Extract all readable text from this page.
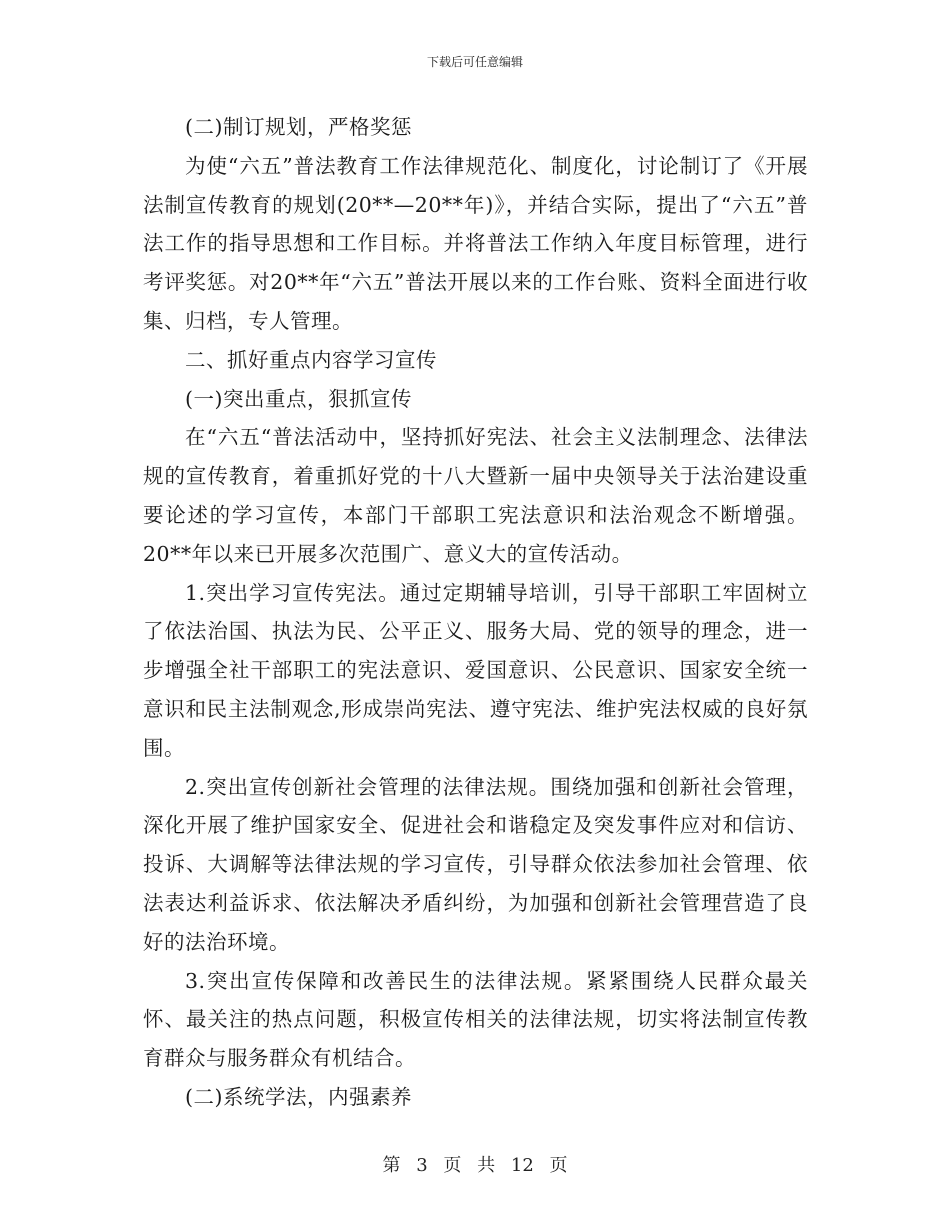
下载后可任意编辑

(二)制订规划，严格奖惩

为使“六五”普法教育工作法律规范化、制度化，讨论制订了《开展法制宣传教育的规划(20**—20**年)》，并结合实际，提出了“六五”普法工作的指导思想和工作目标。并将普法工作纳入年度目标管理，进行考评奖惩。对20**年“六五”普法开展以来的工作台账、资料全面进行收集、归档，专人管理。

二、抓好重点内容学习宣传

(一)突出重点，狠抓宣传

在“六五“普法活动中，坚持抓好宪法、社会主义法制理念、法律法规的宣传教育，着重抓好党的十八大暨新一届中央领导关于法治建设重要论述的学习宣传，本部门干部职工宪法意识和法治观念不断增强。20**年以来已开展多次范围广、意义大的宣传活动。

1.突出学习宣传宪法。通过定期辅导培训，引导干部职工牢固树立了依法治国、执法为民、公平正义、服务大局、党的领导的理念，进一步增强全社干部职工的宪法意识、爱国意识、公民意识、国家安全统一意识和民主法制观念,形成崇尚宪法、遵守宪法、维护宪法权威的良好氛围。

2.突出宣传创新社会管理的法律法规。围绕加强和创新社会管理，深化开展了维护国家安全、促进社会和谐稳定及突发事件应对和信访、投诉、大调解等法律法规的学习宣传，引导群众依法参加社会管理、依法表达利益诉求、依法解决矛盾纠纷，为加强和创新社会管理营造了良好的法治环境。

3.突出宣传保障和改善民生的法律法规。紧紧围绕人民群众最关怀、最关注的热点问题，积极宣传相关的法律法规，切实将法制宣传教育群众与服务群众有机结合。

(二)系统学法，内强素养

第 3 页 共 12 页
